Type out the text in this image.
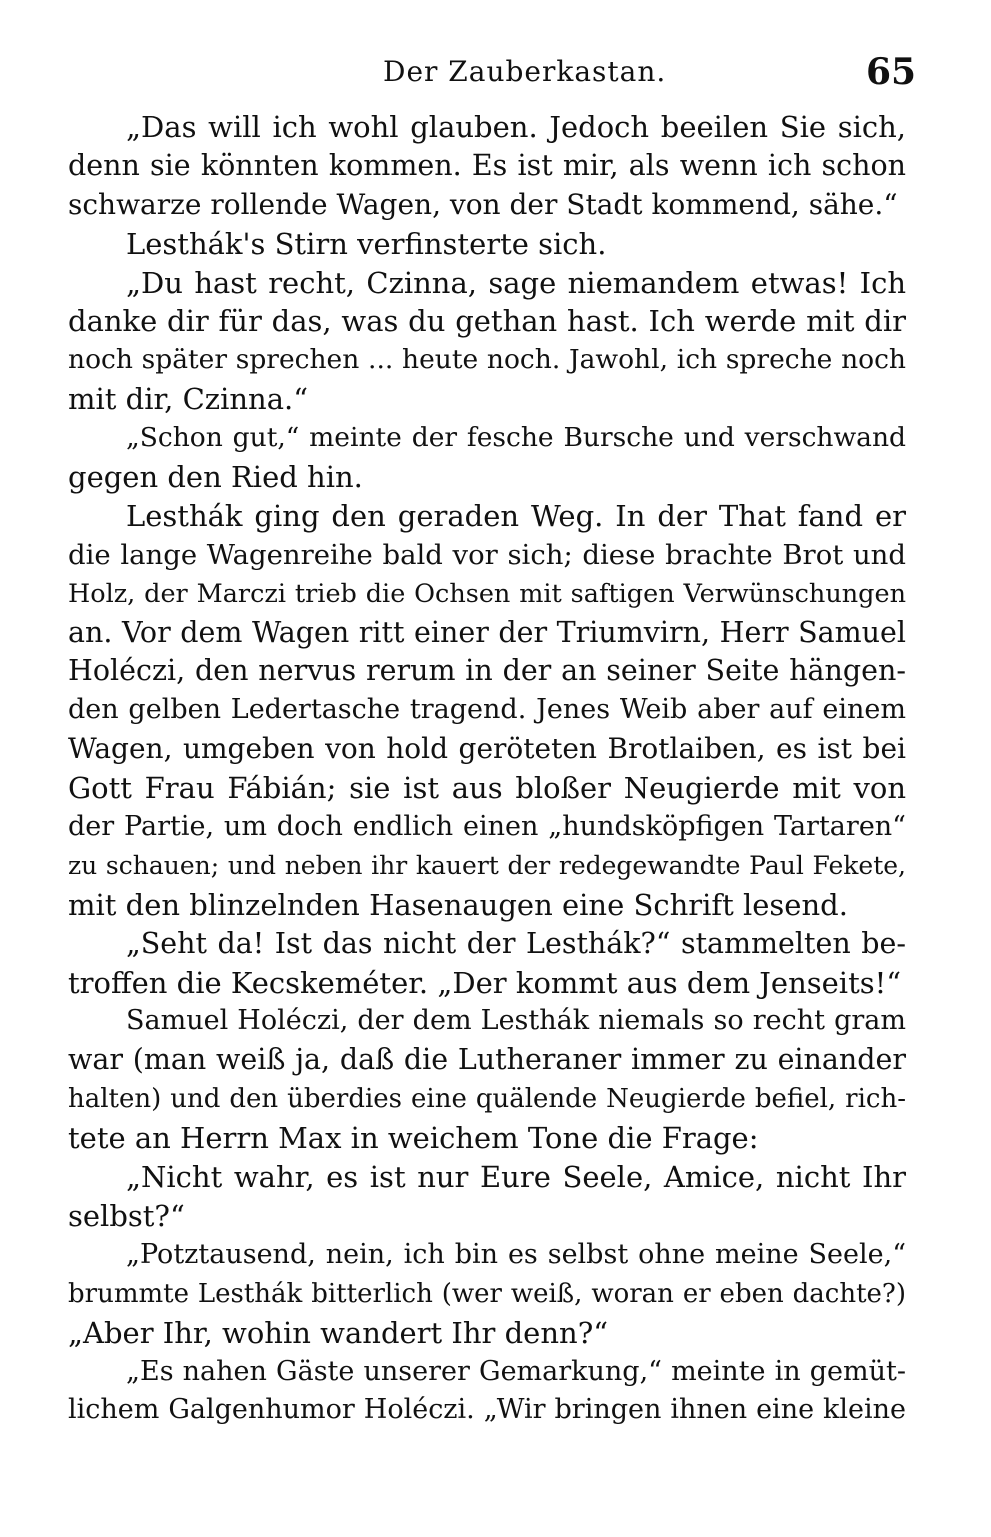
Der Zauberkastan.	65
„Das will ich wohl glauben. Jedoch beeilen Sie sich,
denn sie könnten kommen. Es ist mir, als wenn ich schon
schwarze rollende Wagen, von der Stadt kommend, sähe.“
Lesthák's Stirn verfinsterte sich.
„Du hast recht, Czinna, sage niemandem etwas! Ich
danke dir für das, was du gethan hast. Ich werde mit dir
noch später sprechen ... heute noch. Jawohl, ich spreche noch
mit dir, Czinna.“
„Schon gut,“ meinte der fesche Bursche und verschwand
gegen den Ried hin.
Lesthák ging den geraden Weg. In der That fand er
die lange Wagenreihe bald vor sich; diese brachte Brot und
Holz, der Marczi trieb die Ochsen mit saftigen Verwünschungen
an. Vor dem Wagen ritt einer der Triumvirn, Herr Samuel
Holéczi, den nervus rerum in der an seiner Seite hängen-
den gelben Ledertasche tragend. Jenes Weib aber auf einem
Wagen, umgeben von hold geröteten Brotlaiben, es ist bei
Gott Frau Fábián; sie ist aus bloßer Neugierde mit von
der Partie, um doch endlich einen „hundsköpfigen Tartaren“
zu schauen; und neben ihr kauert der redegewandte Paul Fekete,
mit den blinzelnden Hasenaugen eine Schrift lesend.
„Seht da! Ist das nicht der Lesthák?“ stammelten be-
troffen die Kecskeméter. „Der kommt aus dem Jenseits!“
Samuel Holéczi, der dem Lesthák niemals so recht gram
war (man weiß ja, daß die Lutheraner immer zu einander
halten) und den überdies eine quälende Neugierde befiel, rich-
tete an Herrn Max in weichem Tone die Frage:
„Nicht wahr, es ist nur Eure Seele, Amice, nicht Ihr
selbst?“
„Potztausend, nein, ich bin es selbst ohne meine Seele,“
brummte Lesthák bitterlich (wer weiß, woran er eben dachte?)
„Aber Ihr, wohin wandert Ihr denn?“
„Es nahen Gäste unserer Gemarkung,“ meinte in gemüt-
lichem Galgenhumor Holéczi. „Wir bringen ihnen eine kleine
